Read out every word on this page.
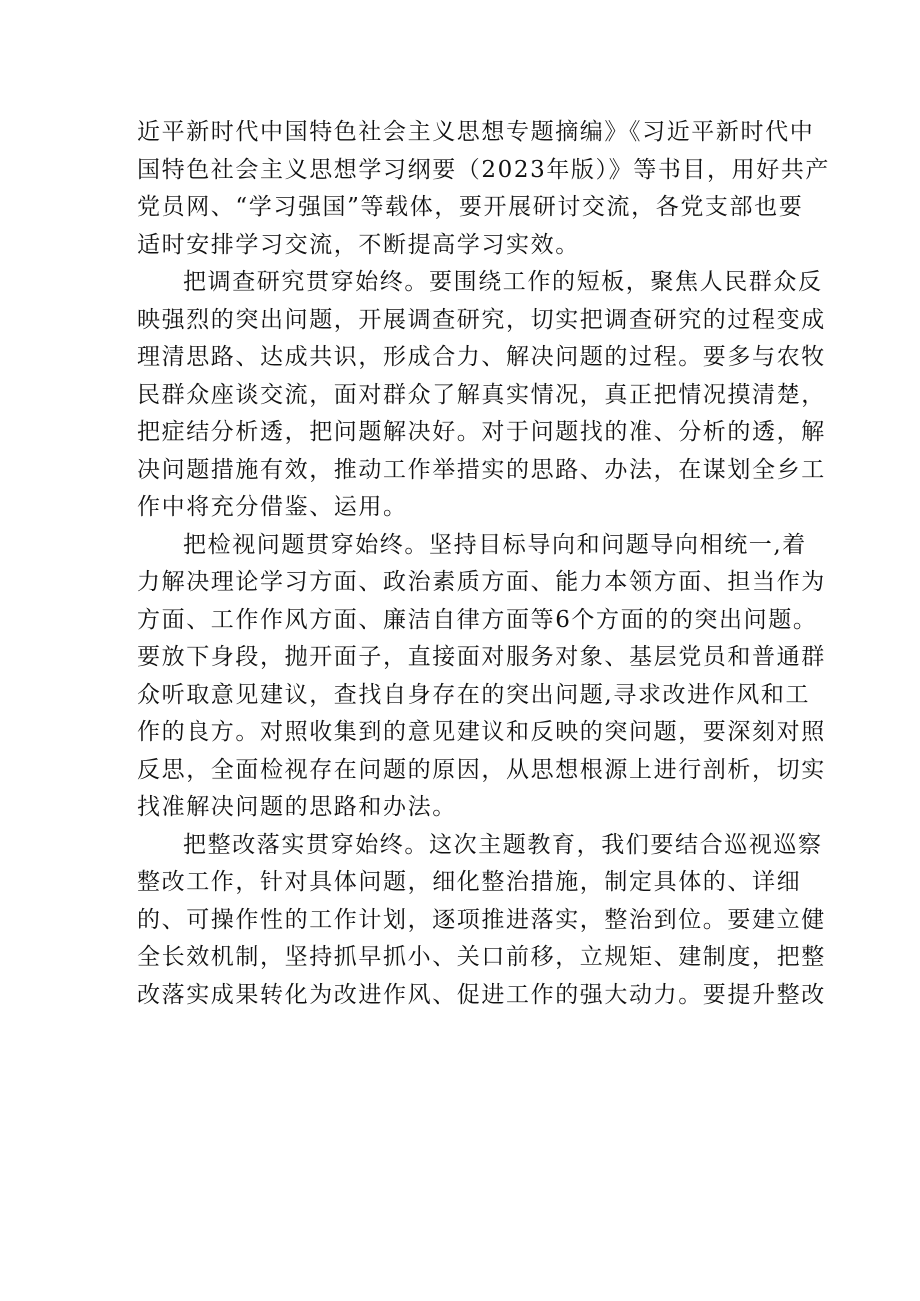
近平新时代中国特色社会主义思想专题摘编》《习近平新时代中
国特色社会主义思想学习纲要（2023年版）》等书目，用好共产
党员网、“学习强国”等载体，要开展研讨交流，各党支部也要
适时安排学习交流，不断提高学习实效。
把调查研究贯穿始终。要围绕工作的短板，聚焦人民群众反
映强烈的突出问题，开展调查研究，切实把调查研究的过程变成
理清思路、达成共识，形成合力、解决问题的过程。要多与农牧
民群众座谈交流，面对群众了解真实情况，真正把情况摸清楚，
把症结分析透，把问题解决好。对于问题找的准、分析的透，解
决问题措施有效，推动工作举措实的思路、办法，在谋划全乡工
作中将充分借鉴、运用。
把检视问题贯穿始终。坚持目标导向和问题导向相统一,着
力解决理论学习方面、政治素质方面、能力本领方面、担当作为
方面、工作作风方面、廉洁自律方面等6个方面的的突出问题。
要放下身段，抛开面子，直接面对服务对象、基层党员和普通群
众听取意见建议，查找自身存在的突出问题,寻求改进作风和工
作的良方。对照收集到的意见建议和反映的突问题，要深刻对照
反思，全面检视存在问题的原因，从思想根源上进行剖析，切实
找准解决问题的思路和办法。
把整改落实贯穿始终。这次主题教育，我们要结合巡视巡察
整改工作，针对具体问题，细化整治措施，制定具体的、详细
的、可操作性的工作计划，逐项推进落实，整治到位。要建立健
全长效机制，坚持抓早抓小、关口前移，立规矩、建制度，把整
改落实成果转化为改进作风、促进工作的强大动力。要提升整改
